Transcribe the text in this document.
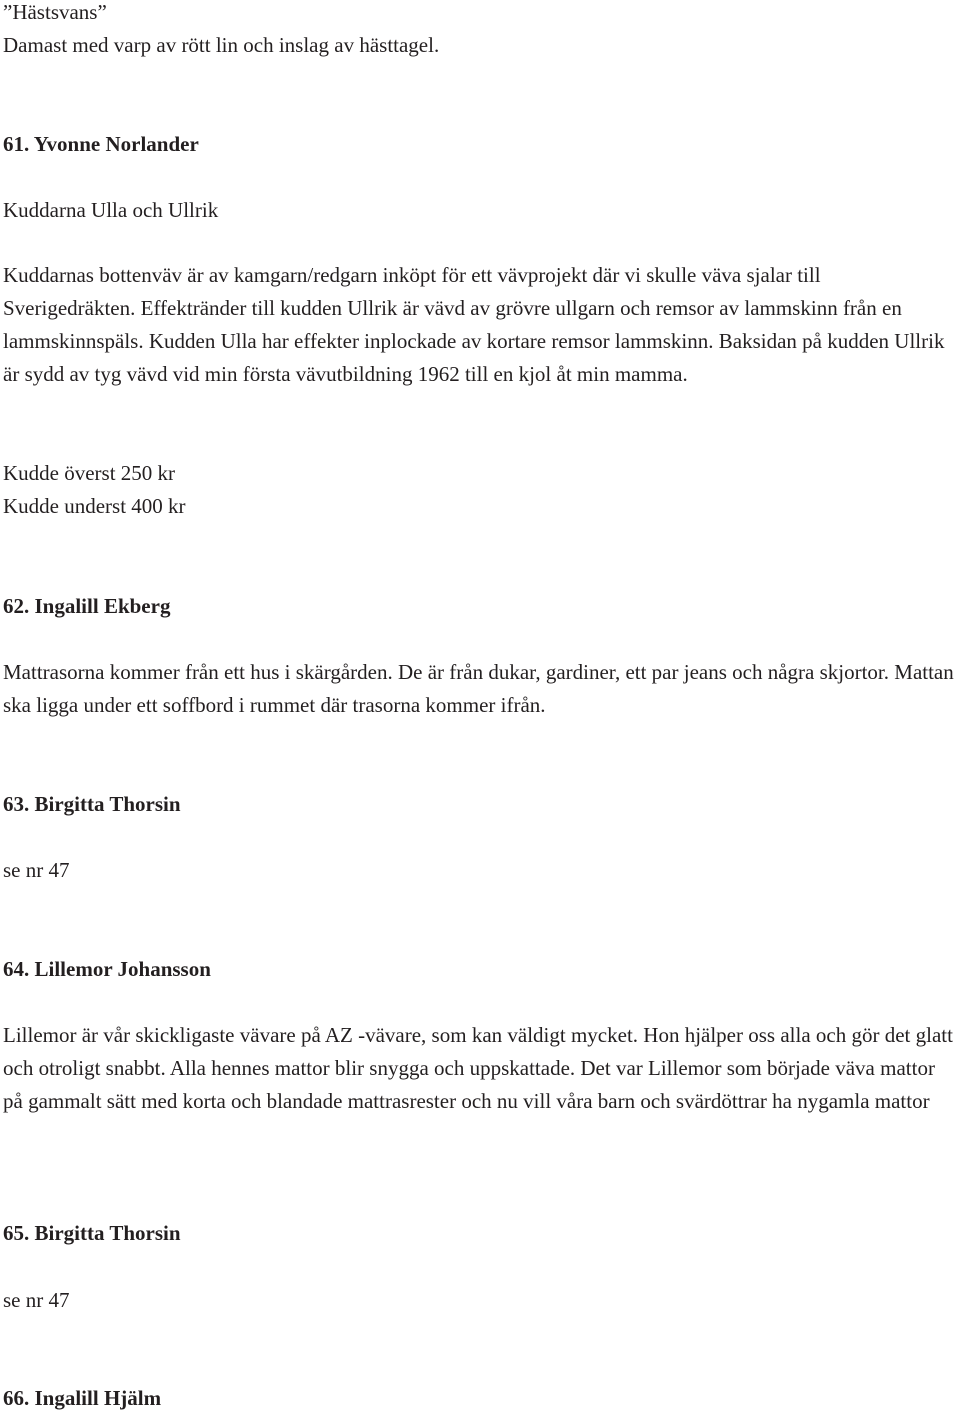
”Hästsvans”

Damast med varp av rött lin och inslag av hästtagel.

61. Yvonne Norlander

Kuddarna Ulla och Ullrik

Kuddarnas bottenväv är av kamgarn/redgarn inköpt för ett vävprojekt där vi skulle väva sjalar till Sverigedräkten. Effektränder till kudden Ullrik är vävd av grövre ullgarn och remsor av lammskinn från en lammskinnspäls. Kudden Ulla har effekter inplockade av kortare remsor lammskinn. Baksidan på kudden Ullrik är sydd av tyg vävd vid min första vävutbildning 1962 till en kjol åt min mamma.

Kudde överst 250 kr

Kudde underst 400 kr

62. Ingalill Ekberg

Mattrasorna kommer från ett hus i skärgården. De är från dukar, gardiner, ett par jeans och några skjortor. Mattan ska ligga under ett soffbord i rummet där trasorna kommer ifrån.

63. Birgitta Thorsin

se nr 47

64. Lillemor Johansson

Lillemor är vår skickligaste vävare på AZ -vävare, som kan väldigt mycket. Hon hjälper oss alla och gör det glatt och otroligt snabbt. Alla hennes mattor blir snygga och uppskattade. Det var Lillemor som började väva mattor på gammalt sätt med korta och blandade mattrasrester och nu vill våra barn och svärdöttrar ha nygamla mattor

65. Birgitta Thorsin

se nr 47

66. Ingalill Hjälm
